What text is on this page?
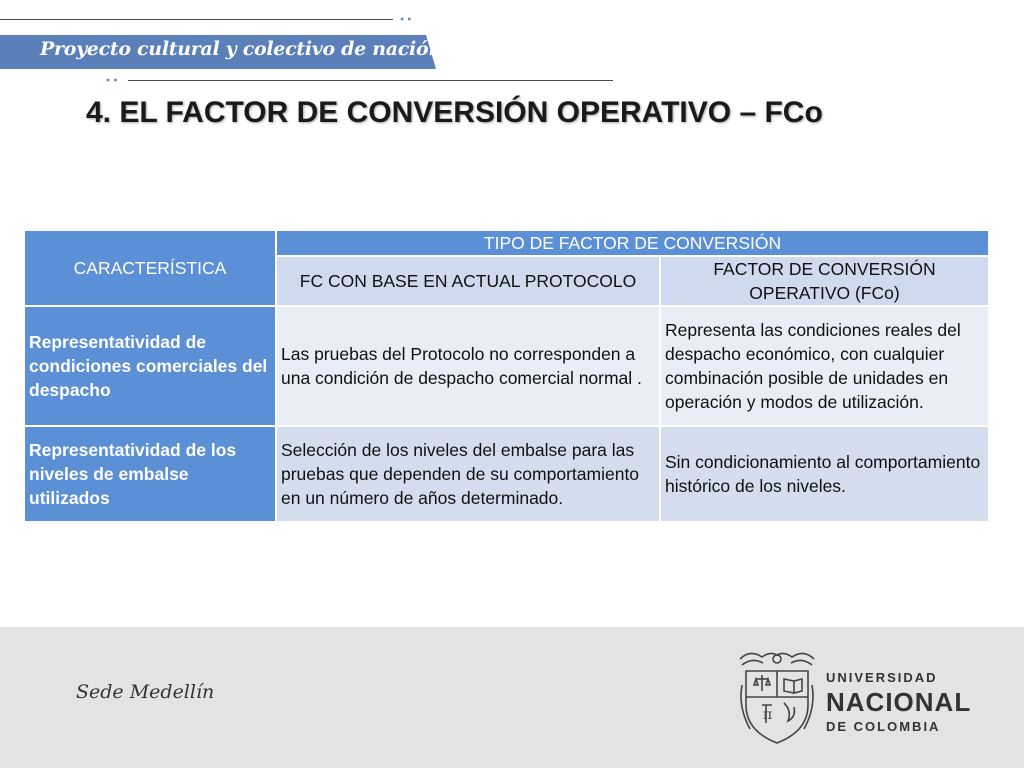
●●
Proyecto cultural y colectivo de nación
●●
4. EL FACTOR DE CONVERSIÓN OPERATIVO – FCo
CARACTERÍSTICA	TIPO DE FACTOR DE CONVERSIÓN	
	FC CON BASE EN ACTUAL PROTOCOLO	FACTOR DE CONVERSIÓN OPERATIVO (FCo)
Representatividad de condiciones comerciales del despacho	Las pruebas del Protocolo no corresponden a una condición de despacho comercial normal .	Representa las condiciones reales del despacho económico, con cualquier combinación posible de unidades en operación y modos de utilización.
Representatividad de los niveles de embalse utilizados	Selección de los niveles del embalse para las pruebas que dependen de su comportamiento en un número de años determinado.	Sin condicionamiento al comportamiento histórico de los niveles.
Sede Medellín
π
UNIVERSIDAD
NACIONAL
DE COLOMBIA
